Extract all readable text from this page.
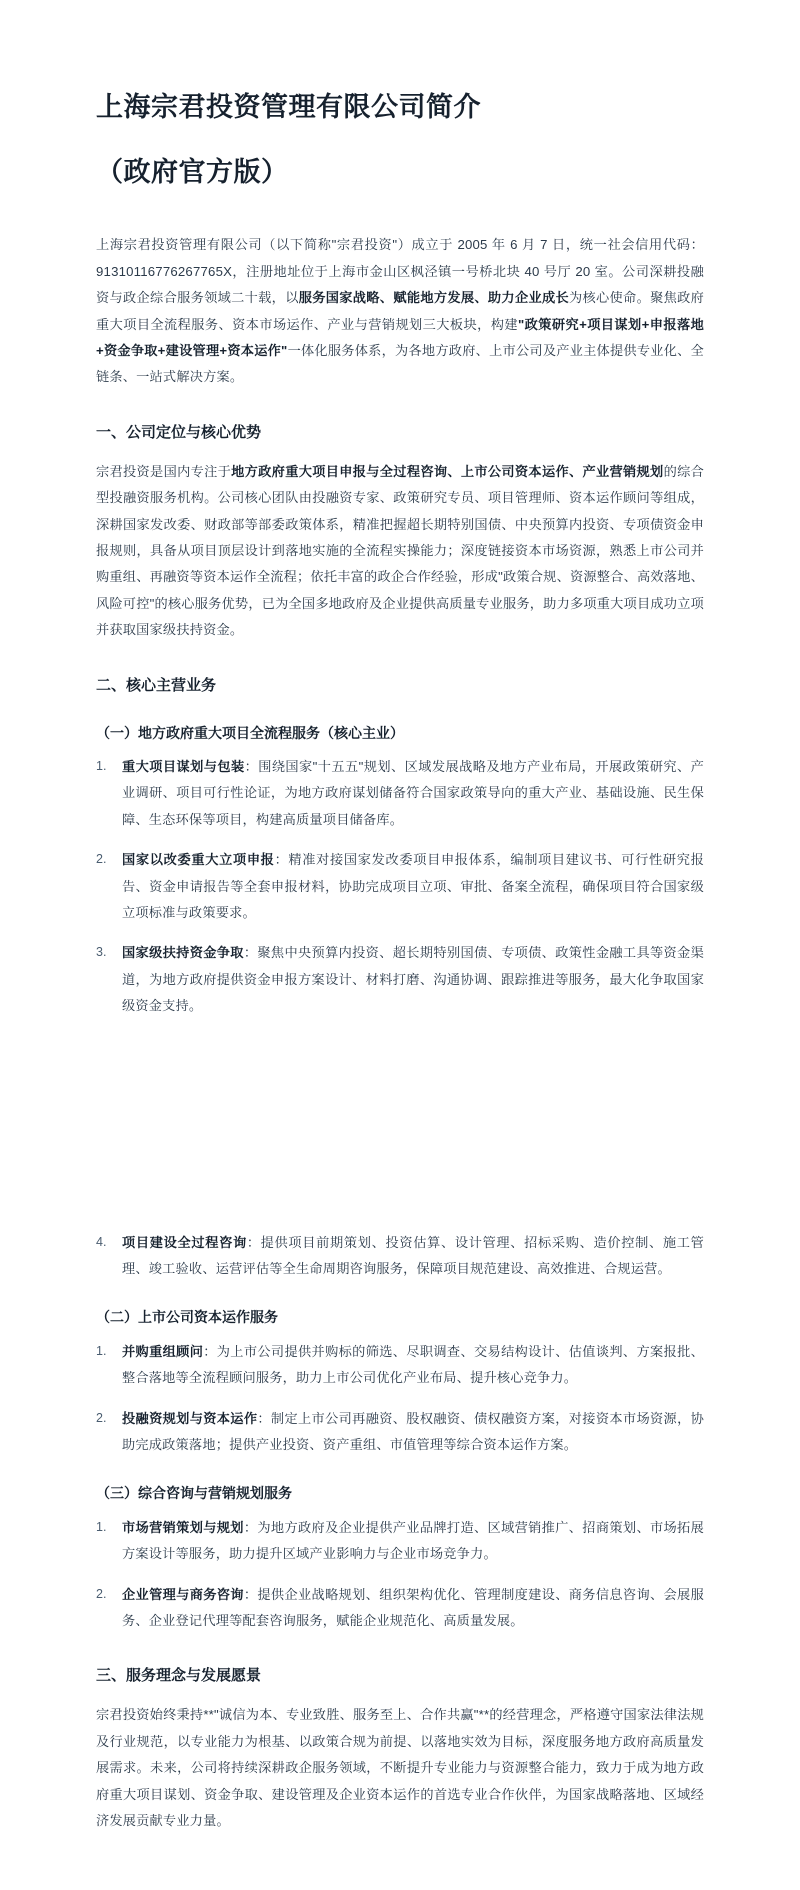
上海宗君投资管理有限公司简介
（政府官方版）

上海宗君投资管理有限公司（以下简称"宗君投资"）成立于 2005 年 6 月 7 日，统一社会信用代码：91310116776267765X，注册地址位于上海市金山区枫泾镇一号桥北块 40 号厅 20 室。公司深耕投融资与政企综合服务领域二十载，以服务国家战略、赋能地方发展、助力企业成长为核心使命。聚焦政府重大项目全流程服务、资本市场运作、产业与营销规划三大板块，构建"政策研究+项目谋划+申报落地+资金争取+建设管理+资本运作"一体化服务体系，为各地方政府、上市公司及产业主体提供专业化、全链条、一站式解决方案。

一、公司定位与核心优势

宗君投资是国内专注于地方政府重大项目申报与全过程咨询、上市公司资本运作、产业营销规划的综合型投融资服务机构。公司核心团队由投融资专家、政策研究专员、项目管理师、资本运作顾问等组成，深耕国家发改委、财政部等部委政策体系，精准把握超长期特别国债、中央预算内投资、专项债资金申报规则，具备从项目顶层设计到落地实施的全流程实操能力；深度链接资本市场资源，熟悉上市公司并购重组、再融资等资本运作全流程；依托丰富的政企合作经验，形成"政策合规、资源整合、高效落地、风险可控"的核心服务优势，已为全国多地政府及企业提供高质量专业服务，助力多项重大项目成功立项并获取国家级扶持资金。

二、核心主营业务
（一）地方政府重大项目全流程服务（核心主业）
1.	重大项目谋划与包装：围绕国家"十五五"规划、区域发展战略及地方产业布局，开展政策研究、产业调研、项目可行性论证，为地方政府谋划储备符合国家政策导向的重大产业、基础设施、民生保障、生态环保等项目，构建高质量项目储备库。
2.	国家以改委重大立项申报：精准对接国家发改委项目申报体系，编制项目建议书、可行性研究报告、资金申请报告等全套申报材料，协助完成项目立项、审批、备案全流程，确保项目符合国家级立项标准与政策要求。
3.	国家级扶持资金争取：聚焦中央预算内投资、超长期特别国债、专项债、政策性金融工具等资金渠道，为地方政府提供资金申报方案设计、材料打磨、沟通协调、跟踪推进等服务，最大化争取国家级资金支持。
4.	项目建设全过程咨询：提供项目前期策划、投资估算、设计管理、招标采购、造价控制、施工管理、竣工验收、运营评估等全生命周期咨询服务，保障项目规范建设、高效推进、合规运营。
（二）上市公司资本运作服务
1.	并购重组顾问：为上市公司提供并购标的筛选、尽职调查、交易结构设计、估值谈判、方案报批、整合落地等全流程顾问服务，助力上市公司优化产业布局、提升核心竞争力。
2.	投融资规划与资本运作：制定上市公司再融资、股权融资、债权融资方案，对接资本市场资源，协助完成政策落地；提供产业投资、资产重组、市值管理等综合资本运作方案。
（三）综合咨询与营销规划服务
1.	市场营销策划与规划：为地方政府及企业提供产业品牌打造、区域营销推广、招商策划、市场拓展方案设计等服务，助力提升区域产业影响力与企业市场竞争力。
2.	企业管理与商务咨询：提供企业战略规划、组织架构优化、管理制度建设、商务信息咨询、会展服务、企业登记代理等配套咨询服务，赋能企业规范化、高质量发展。
三、服务理念与发展愿景

宗君投资始终秉持**"诚信为本、专业致胜、服务至上、合作共赢"**的经营理念，严格遵守国家法律法规及行业规范，以专业能力为根基、以政策合规为前提、以落地实效为目标，深度服务地方政府高质量发展需求。未来，公司将持续深耕政企服务领域，不断提升专业能力与资源整合能力，致力于成为地方政府重大项目谋划、资金争取、建设管理及企业资本运作的首选专业合作伙伴，为国家战略落地、区域经济发展贡献专业力量。
